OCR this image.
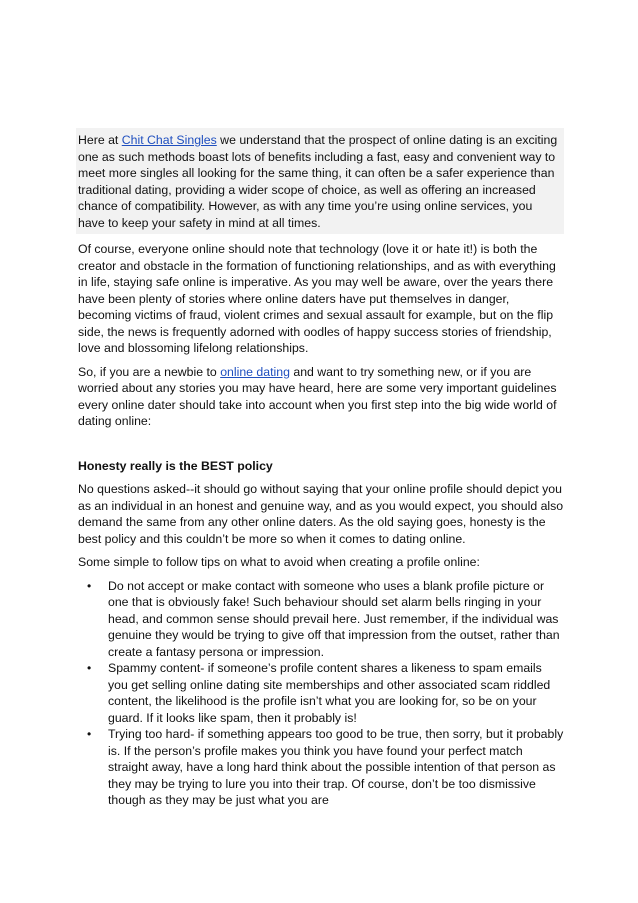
Here at Chit Chat Singles we understand that the prospect of online dating is an exciting one as such methods boast lots of benefits including a fast, easy and convenient way to meet more singles all looking for the same thing, it can often be a safer experience than traditional dating, providing a wider scope of choice, as well as offering an increased chance of compatibility. However, as with any time you’re using online services, you have to keep your safety in mind at all times.

Of course, everyone online should note that technology (love it or hate it!) is both the creator and obstacle in the formation of functioning relationships, and as with everything in life, staying safe online is imperative. As you may well be aware, over the years there have been plenty of stories where online daters have put themselves in danger, becoming victims of fraud, violent crimes and sexual assault for example, but on the flip side, the news is frequently adorned with oodles of happy success stories of friendship, love and blossoming lifelong relationships.

So, if you are a newbie to online dating and want to try something new, or if you are worried about any stories you may have heard, here are some very important guidelines every online dater should take into account when you first step into the big wide world of dating online:

Honesty really is the BEST policy

No questions asked--it should go without saying that your online profile should depict you as an individual in an honest and genuine way, and as you would expect, you should also demand the same from any other online daters. As the old saying goes, honesty is the best policy and this couldn’t be more so when it comes to dating online.

Some simple to follow tips on what to avoid when creating a profile online:

• Do not accept or make contact with someone who uses a blank profile picture or one that is obviously fake! Such behaviour should set alarm bells ringing in your head, and common sense should prevail here. Just remember, if the individual was genuine they would be trying to give off that impression from the outset, rather than create a fantasy persona or impression.
• Spammy content- if someone’s profile content shares a likeness to spam emails you get selling online dating site memberships and other associated scam riddled content, the likelihood is the profile isn’t what you are looking for, so be on your guard. If it looks like spam, then it probably is!
• Trying too hard- if something appears too good to be true, then sorry, but it probably is. If the person’s profile makes you think you have found your perfect match straight away, have a long hard think about the possible intention of that person as they may be trying to lure you into their trap. Of course, don’t be too dismissive though as they may be just what you are
